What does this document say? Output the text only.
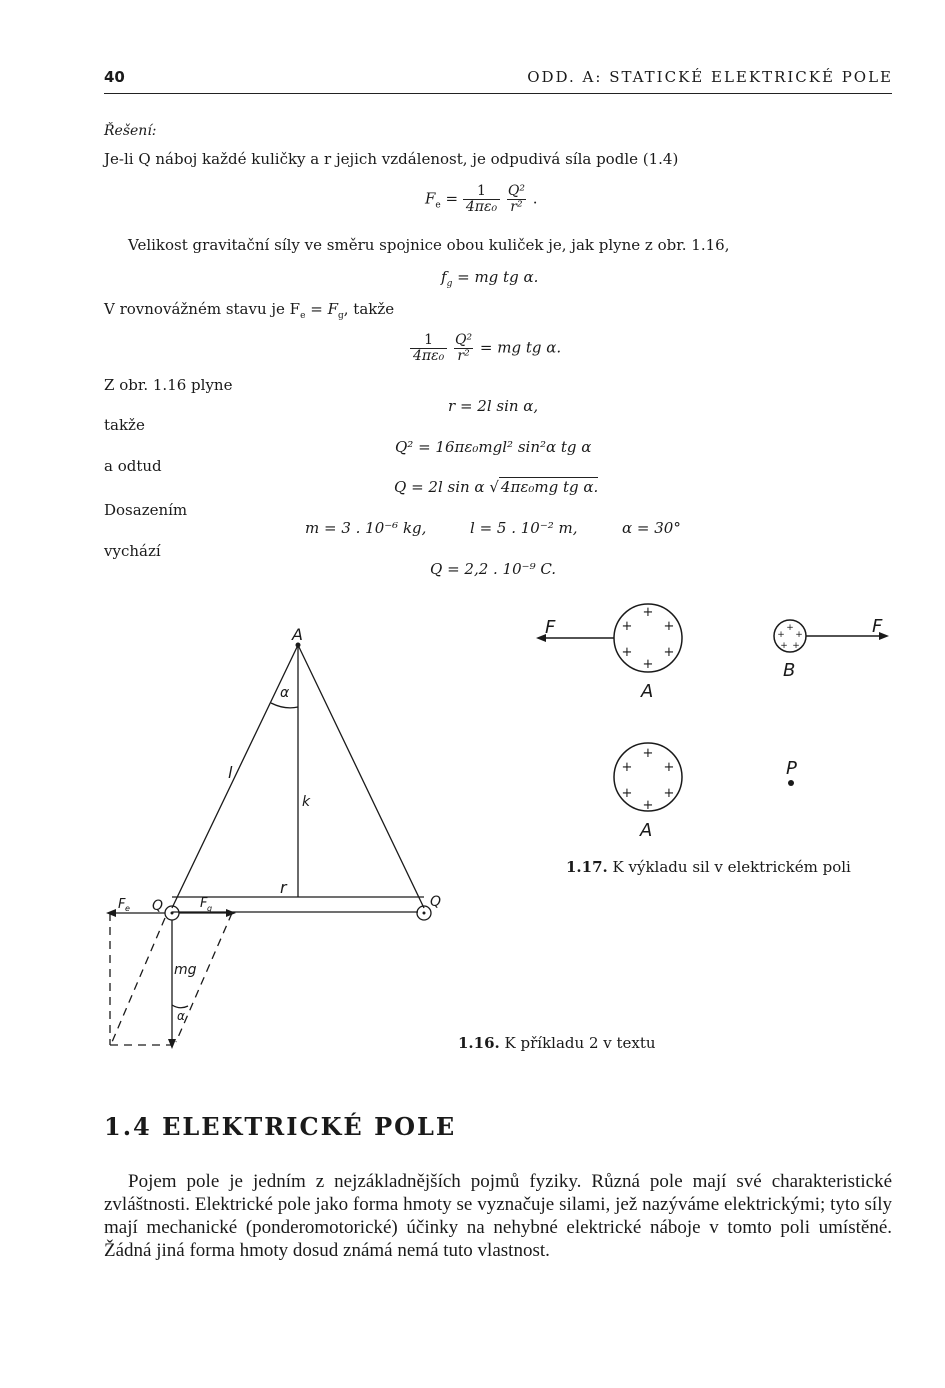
40	ODD. A: STATICKÉ ELEKTRICKÉ POLE
Řešení:
Je-li Q náboj každé kuličky a r jejich vzdálenost, je odpudivá síla podle (1.4)
$F_e = \frac{1}{\text{4πε₀}}$
$\frac{\text{Q²}}{\text{r²}}$ .
Velikost gravitační síly ve směru spojnice obou kuliček je, jak plyne z obr. 1.16,
$f_g$ = mg tg α.
V rovnovážném stavu je $F_e = F_g$, takže
$\frac{1}{\text{4πε₀}}$
$\frac{\text{Q²}}{\text{r²}}$ = mg tg α.
Z obr. 1.16 plyne
r = 2l sin α,
takže
Q² = 16πε₀mgl² sin²α tg α
a odtud
Q = 2l sin α √ 4πε₀mg tg α.
Dosazením
m = 3 . 10⁻⁶ kg,	l = 5 . 10⁻² m,	α = 30°
vychází
Q = 2,2 . 10⁻⁹ C.
A
α
l
k
r
Q	Q
F e	F g
mg
α
1.16. K příkladu 2 v textu
+
+ +
+ +
+
+
+ +
+ +
+
+ +
+ +
+
F
A
B
F
A
P
1.17. K výkladu sil v elektrickém poli
1.4 ELEKTRICKÉ POLE
Pojem pole je jedním z nejzákladnějších pojmů fyziky. Různá pole mají své charakteristické zvláštnosti. Elektrické pole jako forma hmoty se vyznačuje silami, jež nazýváme elektrickými; tyto síly mají mechanické (ponderomotorické) účinky na nehybné elektrické náboje v tomto poli umístěné. Žádná jiná forma hmoty dosud známá nemá tuto vlastnost.
